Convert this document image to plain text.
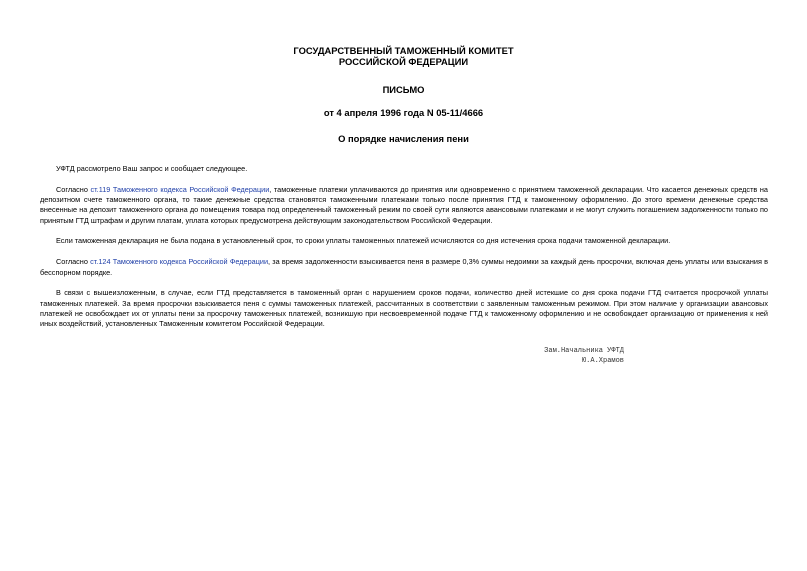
ГОСУДАРСТВЕННЫЙ ТАМОЖЕННЫЙ КОМИТЕТ
РОССИЙСКОЙ ФЕДЕРАЦИИ
ПИСЬМО
от 4 апреля 1996 года N 05-11/4666
О порядке начисления пени

УФТД рассмотрело Ваш запрос и сообщает следующее.

Согласно ст.119 Таможенного кодекса Российской Федерации, таможенные платежи уплачиваются до принятия или одновременно с принятием таможенной декларации. Что касается денежных средств на депозитном счете таможенного органа, то такие денежные средства становятся таможенными платежами только после принятия ГТД к таможенному оформлению. До этого времени денежные средства внесенные на депозит таможенного органа до помещения товара под определенный таможенный режим по своей сути являются авансовыми платежами и не могут служить погашением задолженности только по принятым ГТД штрафам и другим платам, уплата которых предусмотрена действующим законодательством Российской Федерации.

Если таможенная декларация не была подана в установленный срок, то сроки уплаты таможенных платежей исчисляются со дня истечения срока подачи таможенной декларации.

Согласно ст.124 Таможенного кодекса Российской Федерации, за время задолженности взыскивается пеня в размере 0,3% суммы недоимки за каждый день просрочки, включая день уплаты или взыскания в бесспорном порядке.

В связи с вышеизложенным, в случае, если ГТД представляется в таможенный орган с нарушением сроков подачи, количество дней истекшие со дня срока подачи ГТД считается просрочкой уплаты таможенных платежей. За время просрочки взыскивается пеня с суммы таможенных платежей, рассчитанных в соответствии с заявленным таможенным режимом. При этом наличие у организации авансовых платежей не освобождает их от уплаты пени за просрочку таможенных платежей, возникшую при несвоевременной подаче ГТД к таможенному оформлению и не освобождает организацию от применения к ней иных воздействий, установленных Таможенным комитетом Российской Федерации.

Зам.Начальника УФТД
Ю.А.Храмов
